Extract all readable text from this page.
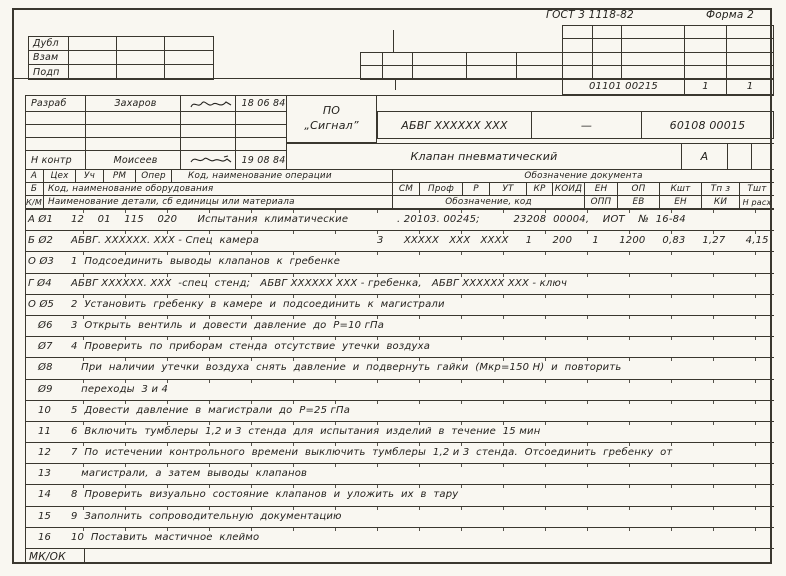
ГОСТ 3 1118-82	Форма 2
Дубл
Взам
Подп
01101 00215	1	1
Разраб	Захаров	18 06 84
Н контр	Моисеев	19 08 84
ПО
„Сигнал”	АБВГ XXXXXX XXX	—	60108 00015
Клапан пневматический	А
А	Цех	Уч	РМ	Опер	Код, наименование операции	Обозначение документа
Б	Код, наименование оборудования	СМ	Проф	Р	УТ	КР	КОИД	ЕН	ОП	Кшт	Тп з	Тшт
К/М Наименование детали, сб единицы или материала	Обозначение, код	ОПП	ЕВ	ЕН	КИ	Н расх
А Ø1	12    01    115    020      Испытания  климатические	. 20103. 00245;          23208  00004,    ИОТ    №  16-84
Б Ø2	АБВГ. XXXXXX. XXX - Спец  камера	3      XXXXX   XXX   XXXX     1      200      1      1200     0,83     1,27      4,15
О Ø3	1  Подсоединить  выводы  клапанов  к  гребенке
Г Ø4	АБВГ XXXXXX. XXX  -спец  стенд;   АБВГ XXXXXX XXX - гребенка,   АБВГ XXXXXX XXX - ключ
О Ø5	2  Установить  гребенку  в  камере  и  подсоединить  к  магистрали
Ø6	3  Открыть  вентиль  и  довести  давление  до  Р=10 гПа
Ø7	4  Проверить  по  приборам  стенда  отсутствие  утечки  воздуха
Ø8	При  наличии  утечки  воздуха  снять  давление  и  подвернуть  гайки  (Мкр=150 Н)  и  повторить
Ø9	переходы  3 и 4
10	5  Довести  давление  в  магистрали  до  Р=25 гПа
11	6  Включить  тумблеры  1,2 и 3  стенда  для  испытания  изделий  в  течение  15 мин
12	7  По  истечении  контрольного  времени  выключить  тумблеры  1,2 и 3  стенда.  Отсоединить  гребенку  от
13	магистрали,  а  затем  выводы  клапанов
14	8  Проверить  визуально  состояние  клапанов  и  уложить  их  в  тару
15	9  Заполнить  сопроводительную  документацию
16	10  Поставить  мастичное  клеймо
МК/ОК
